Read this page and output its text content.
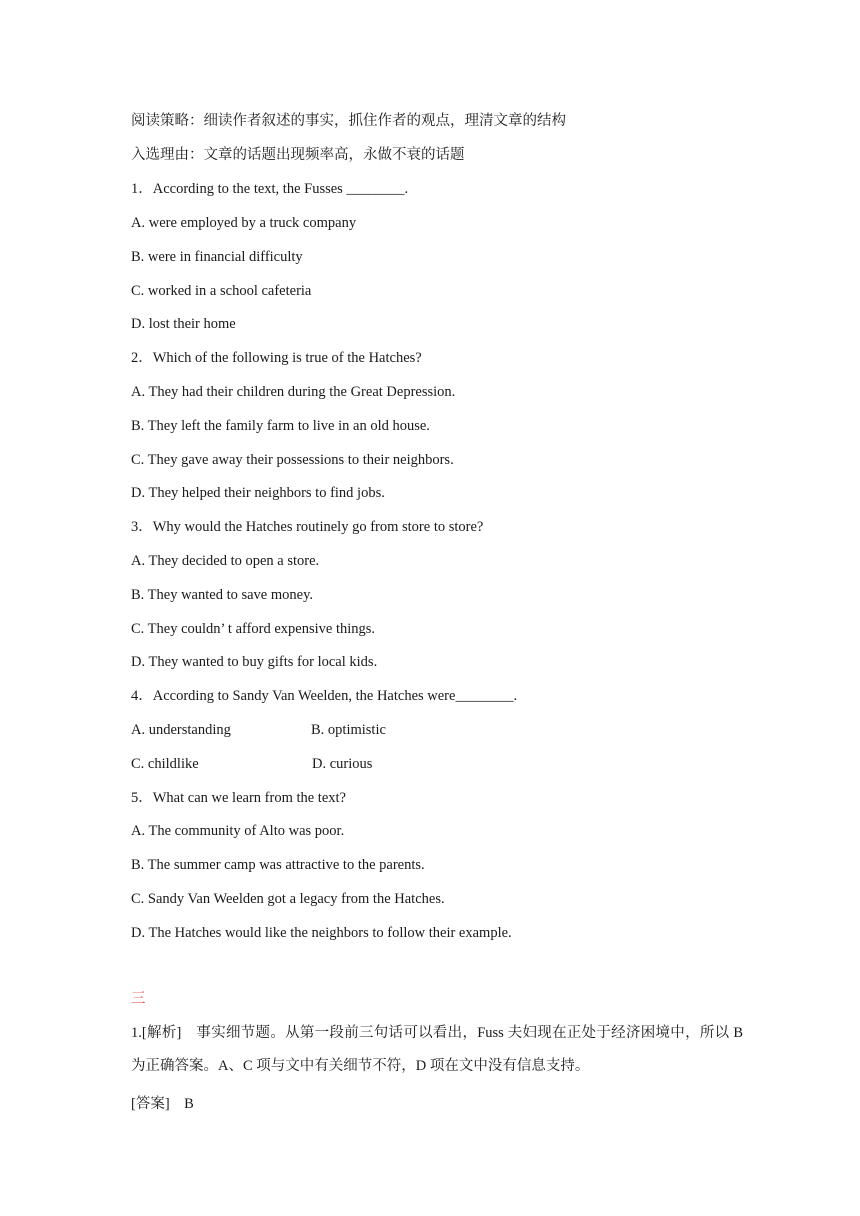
阅读策略：细读作者叙述的事实，抓住作者的观点，理清文章的结构
入选理由：文章的话题出现频率高，永做不衰的话题
1．According to the text, the Fusses ________.
A. were employed by a truck company
B. were in financial difficulty
C. worked in a school cafeteria
D. lost their home
2．Which of the following is true of the Hatches?
A. They had their children during the Great Depression.
B. They left the family farm to live in an old house.
C. They gave away their possessions to their neighbors.
D. They helped their neighbors to find jobs.
3．Why would the Hatches routinely go from store to store?
A. They decided to open a store.
B. They wanted to save money.
C. They couldn’ t afford expensive things.
D. They wanted to buy gifts for local kids.
4．According to Sandy Van Weelden, the Hatches were________.
A. understanding	B. optimistic
C. childlike	D. curious
5．What can we learn from the text?
A. The community of Alto was poor.
B. The summer camp was attractive to the parents.
C. Sandy Van Weelden got a legacy from the Hatches.
D. The Hatches would like the neighbors to follow their example.
三
1.[解析]　事实细节题。从第一段前三句话可以看出，Fuss 夫妇现在正处于经济困境中，所以 B 为正确答案。A、C 项与文中有关细节不符，D 项在文中没有信息支持。
[答案]　B
